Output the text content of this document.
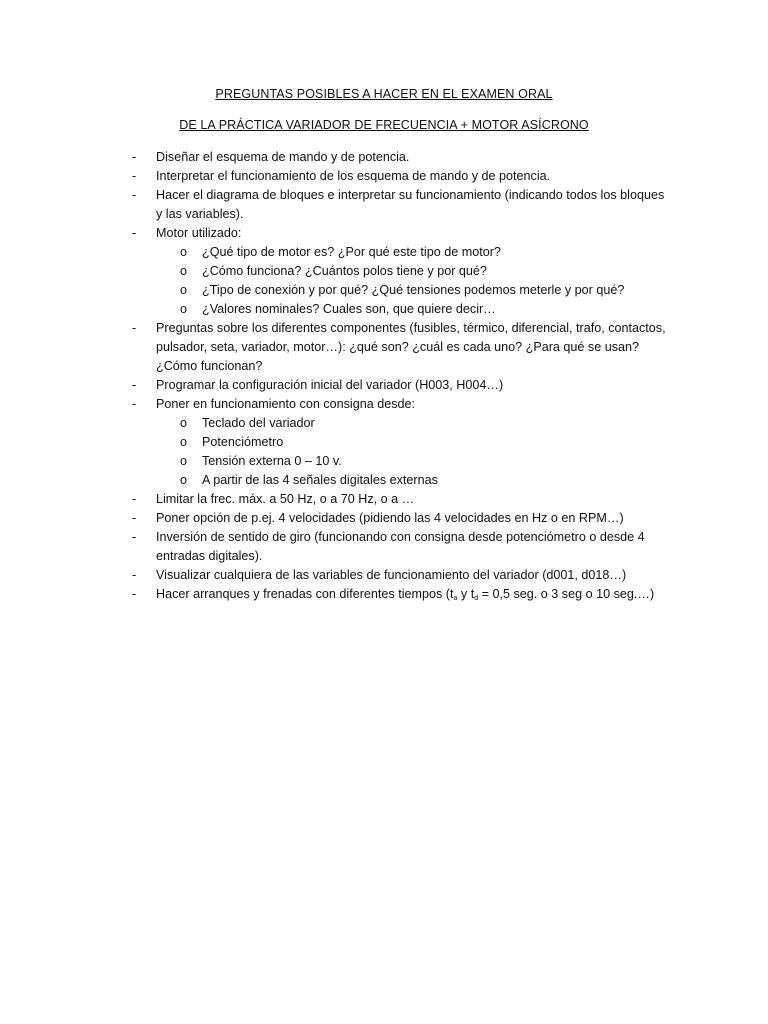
PREGUNTAS POSIBLES A HACER EN EL EXAMEN ORAL
DE LA PRÁCTICA VARIADOR DE FRECUENCIA + MOTOR ASÍCRONO
- Diseñar el esquema de mando y de potencia.
- Interpretar el funcionamiento de los esquema de mando y de potencia.
- Hacer el diagrama de bloques e interpretar su funcionamiento (indicando todos los bloques y las variables).
- Motor utilizado:
o ¿Qué tipo de motor es? ¿Por qué este tipo de motor?
o ¿Cómo funciona? ¿Cuántos polos tiene y por qué?
o ¿Tipo de conexión y por qué? ¿Qué tensiones podemos meterle y por qué?
o ¿Valores nominales? Cuales son, que quiere decir…
- Preguntas sobre los diferentes componentes (fusibles, térmico, diferencial, trafo, contactos, pulsador, seta, variador, motor…): ¿qué son? ¿cuál es cada uno? ¿Para qué se usan? ¿Cómo funcionan?
- Programar la configuración inicial del variador (H003, H004…)
- Poner en funcionamiento con consigna desde:
o Teclado del variador
o Potenciómetro
o Tensión externa 0 – 10 v.
o A partir de las 4 señales digitales externas
- Limitar la frec. máx. a 50 Hz, o a 70 Hz, o a …
- Poner opción de p.ej. 4 velocidades (pidiendo las 4 velocidades en Hz o en RPM…)
- Inversión de sentido de giro (funcionando con consigna desde potenciómetro o desde 4 entradas digitales).
- Visualizar cualquiera de las variables de funcionamiento del variador (d001, d018…)
- Hacer arranques y frenadas con diferentes tiempos ($t_a$ y $t_d = 0,5$ seg. o 3 seg o 10 seg.…)
